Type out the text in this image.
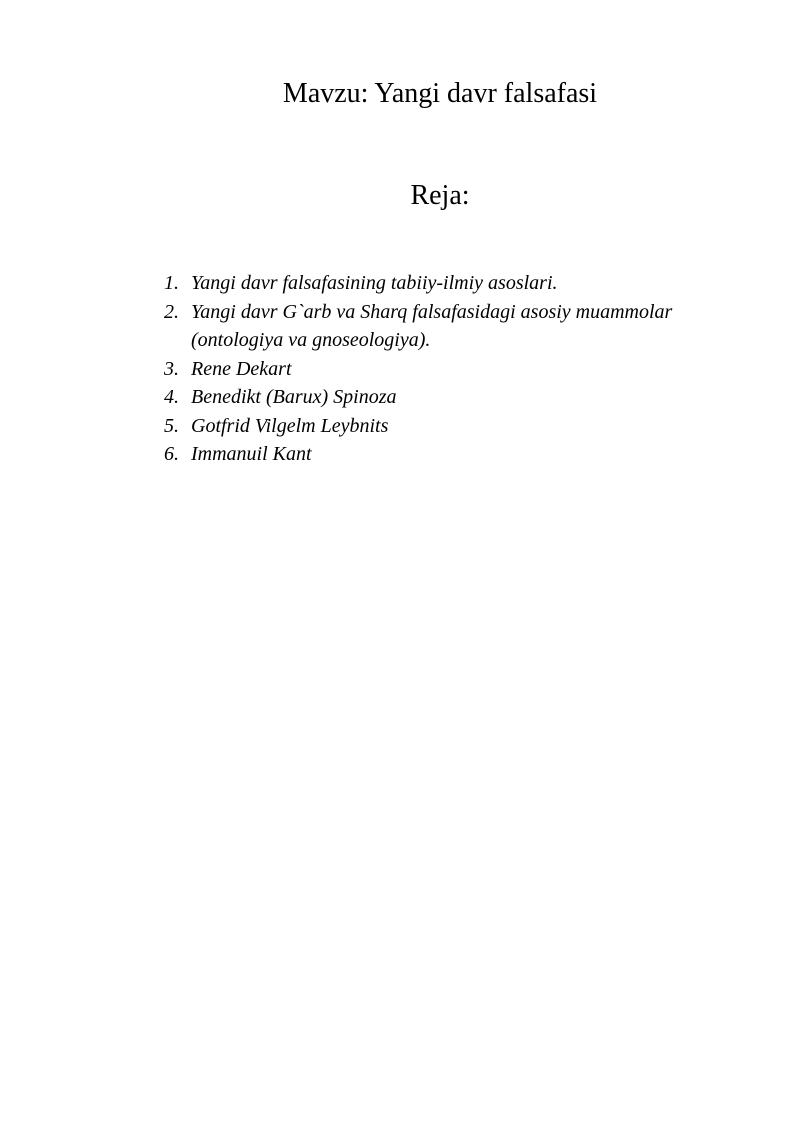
Mavzu: Yangi davr falsafasi
Reja:
1. Yangi davr falsafasining tabiiy-ilmiy asoslari.
2. Yangi davr G`arb va Sharq falsafasidagi asosiy muammolar (ontologiya va gnoseologiya).
3. Rene Dekart
4. Benedikt (Barux) Spinoza
5. Gotfrid Vilgelm Leybnits
6. Immanuil Kant
